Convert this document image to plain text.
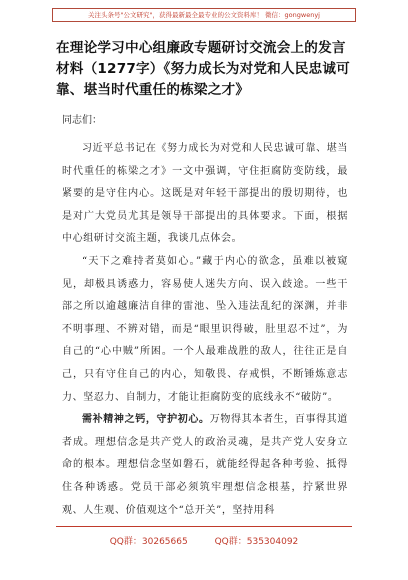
关注头条号"公文研究"，获得最新最全最专业的公文资料库！ 微信：gongwenyj
在理论学习中心组廉政专题研讨交流会上的发言材料（1277字）《努力成长为对党和人民忠诚可靠、堪当时代重任的栋梁之才》
同志们：

习近平总书记在《努力成长为对党和人民忠诚可靠、堪当时代重任的栋梁之才》一文中强调，守住拒腐防变防线，最紧要的是守住内心。这既是对年轻干部提出的殷切期待，也是对广大党员尤其是领导干部提出的具体要求。下面，根据中心组研讨交流主题，我谈几点体会。

“天下之难持者莫如心。”藏于内心的欲念，虽难以被窥见，却极具诱惑力，容易使人迷失方向、误入歧途。一些干部之所以逾越廉洁自律的雷池、坠入违法乱纪的深渊，并非不明事理、不辨对错，而是“眼里识得破，肚里忍不过”，为自己的“心中贼”所困。一个人最难战胜的敌人，往往正是自己，只有守住自己的内心，知敬畏、存戒惧，不断锤炼意志力、坚忍力、自制力，才能让拒腐防变的底线永不“破防”。

需补精神之钙，守护初心。万物得其本者生，百事得其道者成。理想信念是共产党人的政治灵魂，是共产党人安身立命的根本。理想信念坚如磐石，就能经得起各种考验、抵得住各种诱惑。党员干部必须筑牢理想信念根基，拧紧世界观、人生观、价值观这个“总开关”，坚持用科

QQ群：30265665	QQ群：535304092
